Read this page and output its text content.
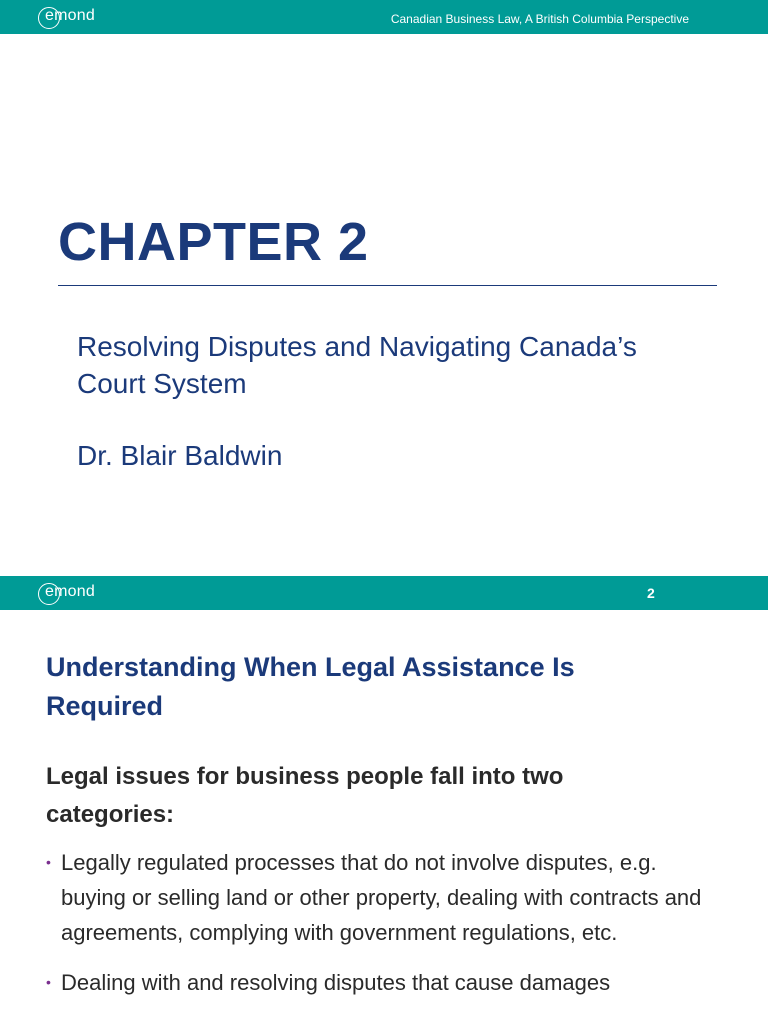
emond	Canadian Business Law, A British Columbia Perspective
CHAPTER 2
Resolving Disputes and Navigating Canada’s Court System
Dr. Blair Baldwin
emond	2
Understanding When Legal Assistance Is Required
Legal issues for business people fall into two categories:
• Legally regulated processes that do not involve disputes, e.g. buying or selling land or other property, dealing with contracts and agreements, complying with government regulations, etc.
• Dealing with and resolving disputes that cause damages
